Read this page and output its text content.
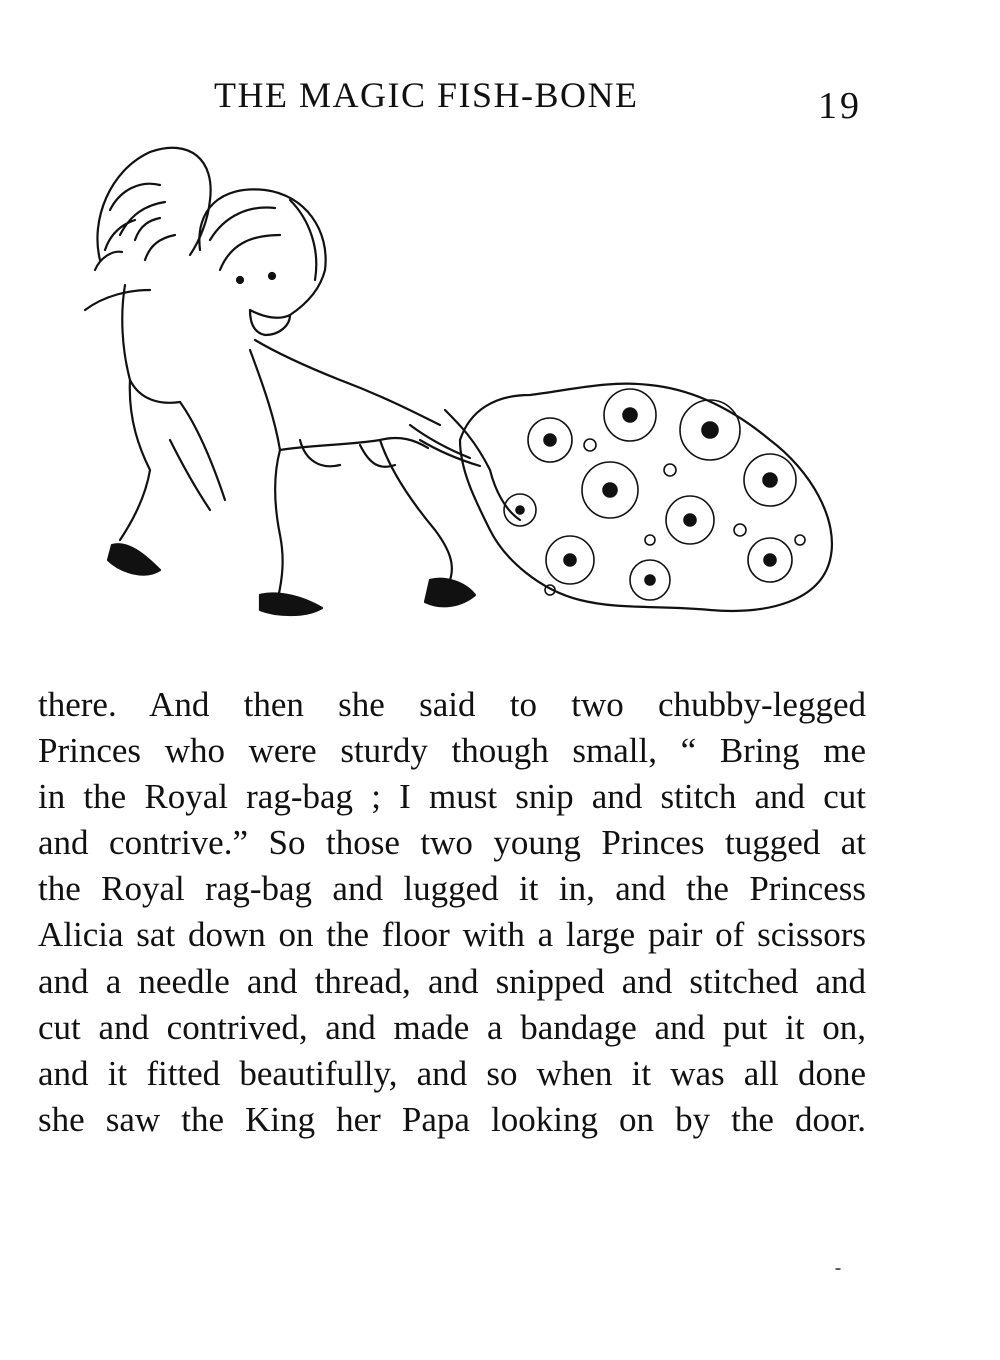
THE MAGIC FISH-BONE	19
there. And then she said to two chubby-legged
Princes who were sturdy though small, “ Bring me
in the Royal rag-bag ; I must snip and stitch and cut
and contrive.” So those two young Princes tugged at
the Royal rag-bag and lugged it in, and the Princess
Alicia sat down on the floor with a large pair of scissors
and a needle and thread, and snipped and stitched and
cut and contrived, and made a bandage and put it on,
and it fitted beautifully, and so when it was all done
she saw the King her Papa looking on by the door.
